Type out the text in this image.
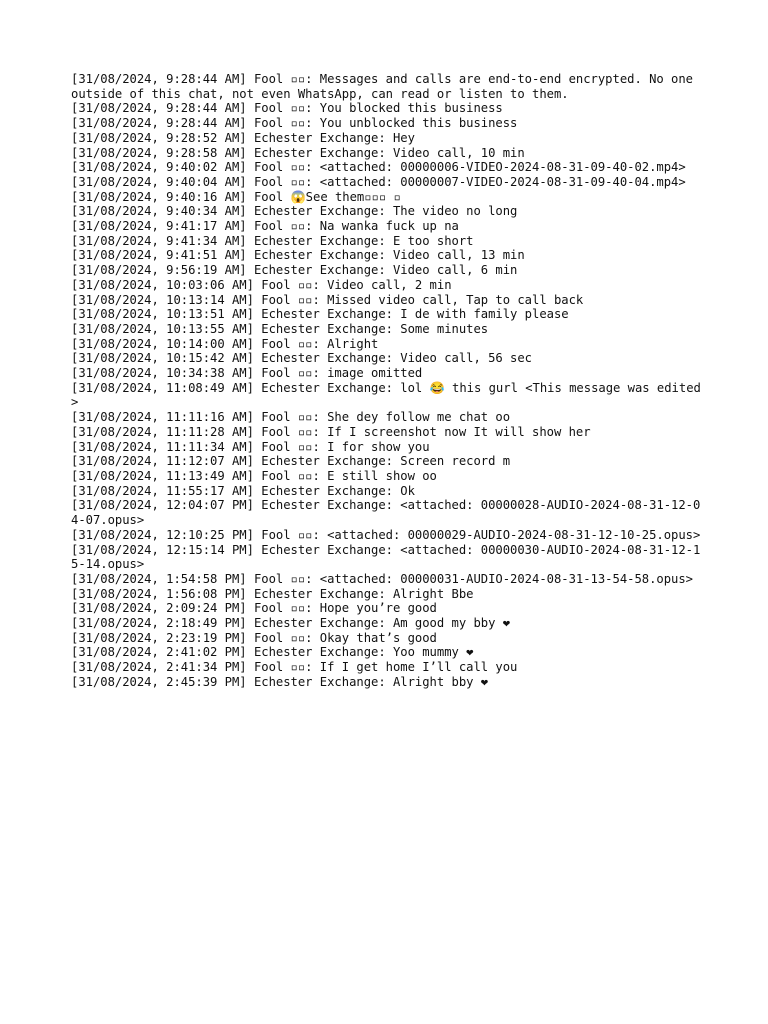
[31/08/2024, 9:28:44 AM] Fool ▫▫: Messages and calls are end-to-end encrypted. No one outside of this chat, not even WhatsApp, can read or listen to them.
[31/08/2024, 9:28:44 AM] Fool ▫▫: You blocked this business
[31/08/2024, 9:28:44 AM] Fool ▫▫: You unblocked this business
[31/08/2024, 9:28:52 AM] Echester Exchange: Hey
[31/08/2024, 9:28:58 AM] Echester Exchange: Video call, 10 min
[31/08/2024, 9:40:02 AM] Fool ▫▫: <attached: 00000006-VIDEO-2024-08-31-09-40-02.mp4>
[31/08/2024, 9:40:04 AM] Fool ▫▫: <attached: 00000007-VIDEO-2024-08-31-09-40-04.mp4>
[31/08/2024, 9:40:16 AM] Fool 😱See them▫▫▫ ▫
[31/08/2024, 9:40:34 AM] Echester Exchange: The video no long
[31/08/2024, 9:41:17 AM] Fool ▫▫: Na wanka fuck up na
[31/08/2024, 9:41:34 AM] Echester Exchange: E too short
[31/08/2024, 9:41:51 AM] Echester Exchange: Video call, 13 min
[31/08/2024, 9:56:19 AM] Echester Exchange: Video call, 6 min
[31/08/2024, 10:03:06 AM] Fool ▫▫: Video call, 2 min
[31/08/2024, 10:13:14 AM] Fool ▫▫: Missed video call, Tap to call back
[31/08/2024, 10:13:51 AM] Echester Exchange: I de with family please
[31/08/2024, 10:13:55 AM] Echester Exchange: Some minutes
[31/08/2024, 10:14:00 AM] Fool ▫▫: Alright
[31/08/2024, 10:15:42 AM] Echester Exchange: Video call, 56 sec
[31/08/2024, 10:34:38 AM] Fool ▫▫: image omitted
[31/08/2024, 11:08:49 AM] Echester Exchange: lol 😂 this gurl <This message was edited>
[31/08/2024, 11:11:16 AM] Fool ▫▫: She dey follow me chat oo
[31/08/2024, 11:11:28 AM] Fool ▫▫: If I screenshot now It will show her
[31/08/2024, 11:11:34 AM] Fool ▫▫: I for show you
[31/08/2024, 11:12:07 AM] Echester Exchange: Screen record m
[31/08/2024, 11:13:49 AM] Fool ▫▫: E still show oo
[31/08/2024, 11:55:17 AM] Echester Exchange: Ok
[31/08/2024, 12:04:07 PM] Echester Exchange: <attached: 00000028-AUDIO-2024-08-31-12-04-07.opus>
[31/08/2024, 12:10:25 PM] Fool ▫▫: <attached: 00000029-AUDIO-2024-08-31-12-10-25.opus>
[31/08/2024, 12:15:14 PM] Echester Exchange: <attached: 00000030-AUDIO-2024-08-31-12-15-14.opus>
[31/08/2024, 1:54:58 PM] Fool ▫▫: <attached: 00000031-AUDIO-2024-08-31-13-54-58.opus>
[31/08/2024, 1:56:08 PM] Echester Exchange: Alright Bbe
[31/08/2024, 2:09:24 PM] Fool ▫▫: Hope you’re good
[31/08/2024, 2:18:49 PM] Echester Exchange: Am good my bby ❤
[31/08/2024, 2:23:19 PM] Fool ▫▫: Okay that’s good
[31/08/2024, 2:41:02 PM] Echester Exchange: Yoo mummy ❤
[31/08/2024, 2:41:34 PM] Fool ▫▫: If I get home I’ll call you
[31/08/2024, 2:45:39 PM] Echester Exchange: Alright bby ❤
